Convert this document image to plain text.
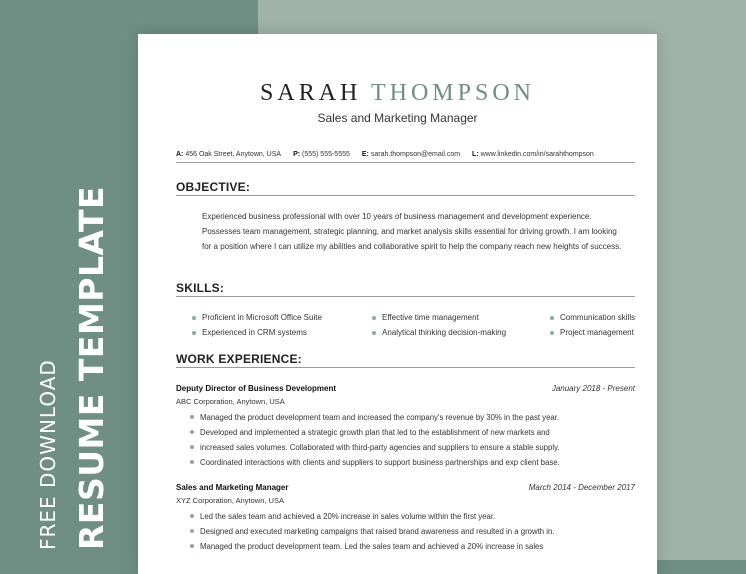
FREE DOWNLOAD RESUME TEMPLATE
SARAH THOMPSON
Sales and Marketing Manager
A: 456 Oak Street, Anytown, USA P: (555) 555-5555 E: sarah.thompson@email.com L: www.linkedin.com/in/sarahthompson
OBJECTIVE:
Experienced business professional with over 10 years of business management and development experience. Possesses team management, strategic planning, and market analysis skills essential for driving growth. I am looking for a position where I can utilize my abilities and collaborative spirit to help the company reach new heights of success.
SKILLS:
Proficient in Microsoft Office Suite	Effective time management	Communication skills
Experienced in CRM systems	Analytical thinking decision-making	Project management
WORK EXPERIENCE:
Deputy Director of Business Development	January 2018 - Present
ABC Corporation, Anytown, USA
Managed the product development team and increased the company's revenue by 30% in the past year.
Developed and implemented a strategic growth plan that led to the establishment of new markets and
increased sales volumes. Collaborated with third-party agencies and suppliers to ensure a stable supply.
Coordinated interactions with clients and suppliers to support business partnerships and exp client base.
Sales and Marketing Manager	March 2014 - December 2017
XYZ Corporation, Anytown, USA
Led the sales team and achieved a 20% increase in sales volume within the first year.
Designed and executed marketing campaigns that raised brand awareness and resulted in a growth in.
Managed the product development team. Led the sales team and achieved a 20% increase in sales
